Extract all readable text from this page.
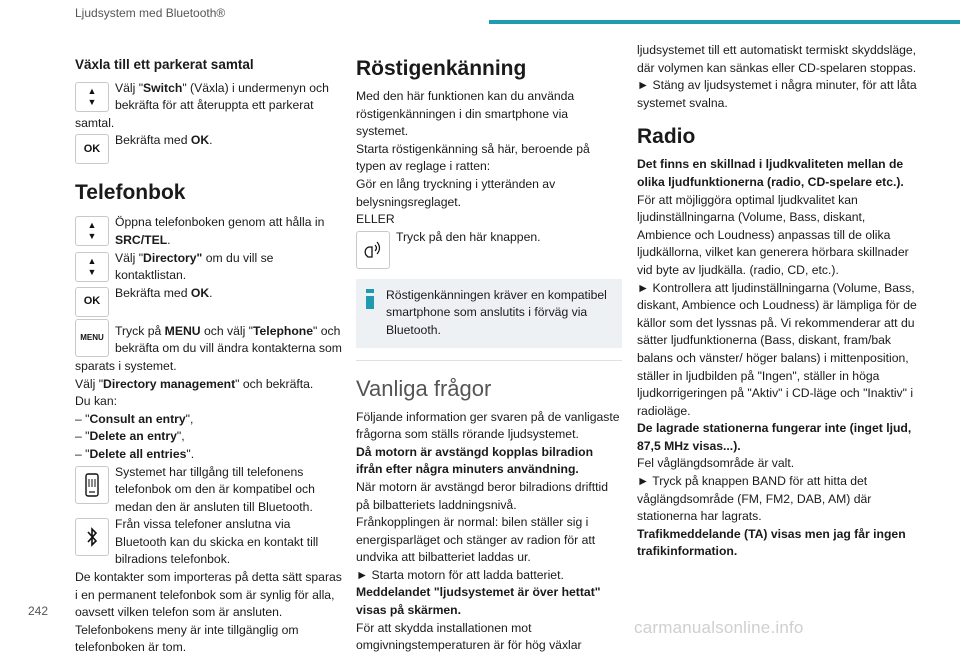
Ljudsystem med Bluetooth®
Växla till ett parkerat samtal
▲
▼

Välj "Switch" (Växla) i undermenyn och bekräfta för att återuppta ett parkerat samtal.

OK

Bekräfta med OK.

Telefonbok
▲
▼

Öppna telefonboken genom att hålla in SRC/TEL.

▲
▼

Välj "Directory" om du vill se kontaktlistan.

OK

Bekräfta med OK.

MENU Tryck på MENU och välj "Telephone" och bekräfta om du vill ändra kontakterna som sparats i systemet.

Välj "Directory management" och bekräfta.

Du kan:

– "Consult an entry",

– "Delete an entry",

– "Delete all entries".

Systemet har tillgång till telefonens telefonbok om den är kompatibel och medan den är ansluten till Bluetooth.

Från vissa telefoner anslutna via Bluetooth kan du skicka en kontakt till bilradions telefonbok.

De kontakter som importeras på detta sätt sparas i en permanent telefonbok som är synlig för alla, oavsett vilken telefon som är ansluten.

Telefonbokens meny är inte tillgänglig om telefonboken är tom.

Röstigenkänning

Med den här funktionen kan du använda röstigenkänningen i din smartphone via systemet.

Starta röstigenkänning så här, beroende på typen av reglage i ratten:

Gör en lång tryckning i ytteränden av belysningsreglaget.

ELLER

Tryck på den här knappen.

Röstigenkänningen kräver en kompatibel smartphone som anslutits i förväg via Bluetooth.

Vanliga frågor

Följande information ger svaren på de vanligaste frågorna som ställs rörande ljudsystemet.

Då motorn är avstängd kopplas bilradion ifrån efter några minuters användning.

När motorn är avstängd beror bilradions drifttid på bilbatteriets laddningsnivå.

Frånkopplingen är normal: bilen ställer sig i energisparläget och stänger av radion för att undvika att bilbatteriet laddas ur.

► Starta motorn för att ladda batteriet.

Meddelandet "ljudsystemet är över hettat" visas på skärmen.

För att skydda installationen mot omgivningstemperaturen är för hög växlar

ljudsystemet till ett automatiskt termiskt skyddsläge, där volymen kan sänkas eller CD-spelaren stoppas.

► Stäng av ljudsystemet i några minuter, för att låta systemet svalna.

Radio

Det finns en skillnad i ljudkvaliteten mellan de olika ljudfunktionerna (radio, CD-spelare etc.).

För att möjliggöra optimal ljudkvalitet kan ljudinställningarna (Volume, Bass, diskant, Ambience och Loudness) anpassas till de olika ljudkällorna, vilket kan generera hörbara skillnader vid byte av ljudkälla. (radio, CD, etc.).

► Kontrollera att ljudinställningarna (Volume, Bass, diskant, Ambience och Loudness) är lämpliga för de källor som det lyssnas på. Vi rekommenderar att du sätter ljudfunktionerna (Bass, diskant, fram/bak balans och vänster/ höger balans) i mittenposition, ställer in ljudbilden på "Ingen", ställer in höga ljudkorrigeringen på "Aktiv" i CD-läge och "Inaktiv" i radioläge.

De lagrade stationerna fungerar inte (inget ljud, 87,5 MHz visas...).

Fel våglängdsområde är valt.

► Tryck på knappen BAND för att hitta det våglängdsområde (FM, FM2, DAB, AM) där stationerna har lagrats.

Trafikmeddelande (TA) visas men jag får ingen trafikinformation.

242
carmanualsonline.info
